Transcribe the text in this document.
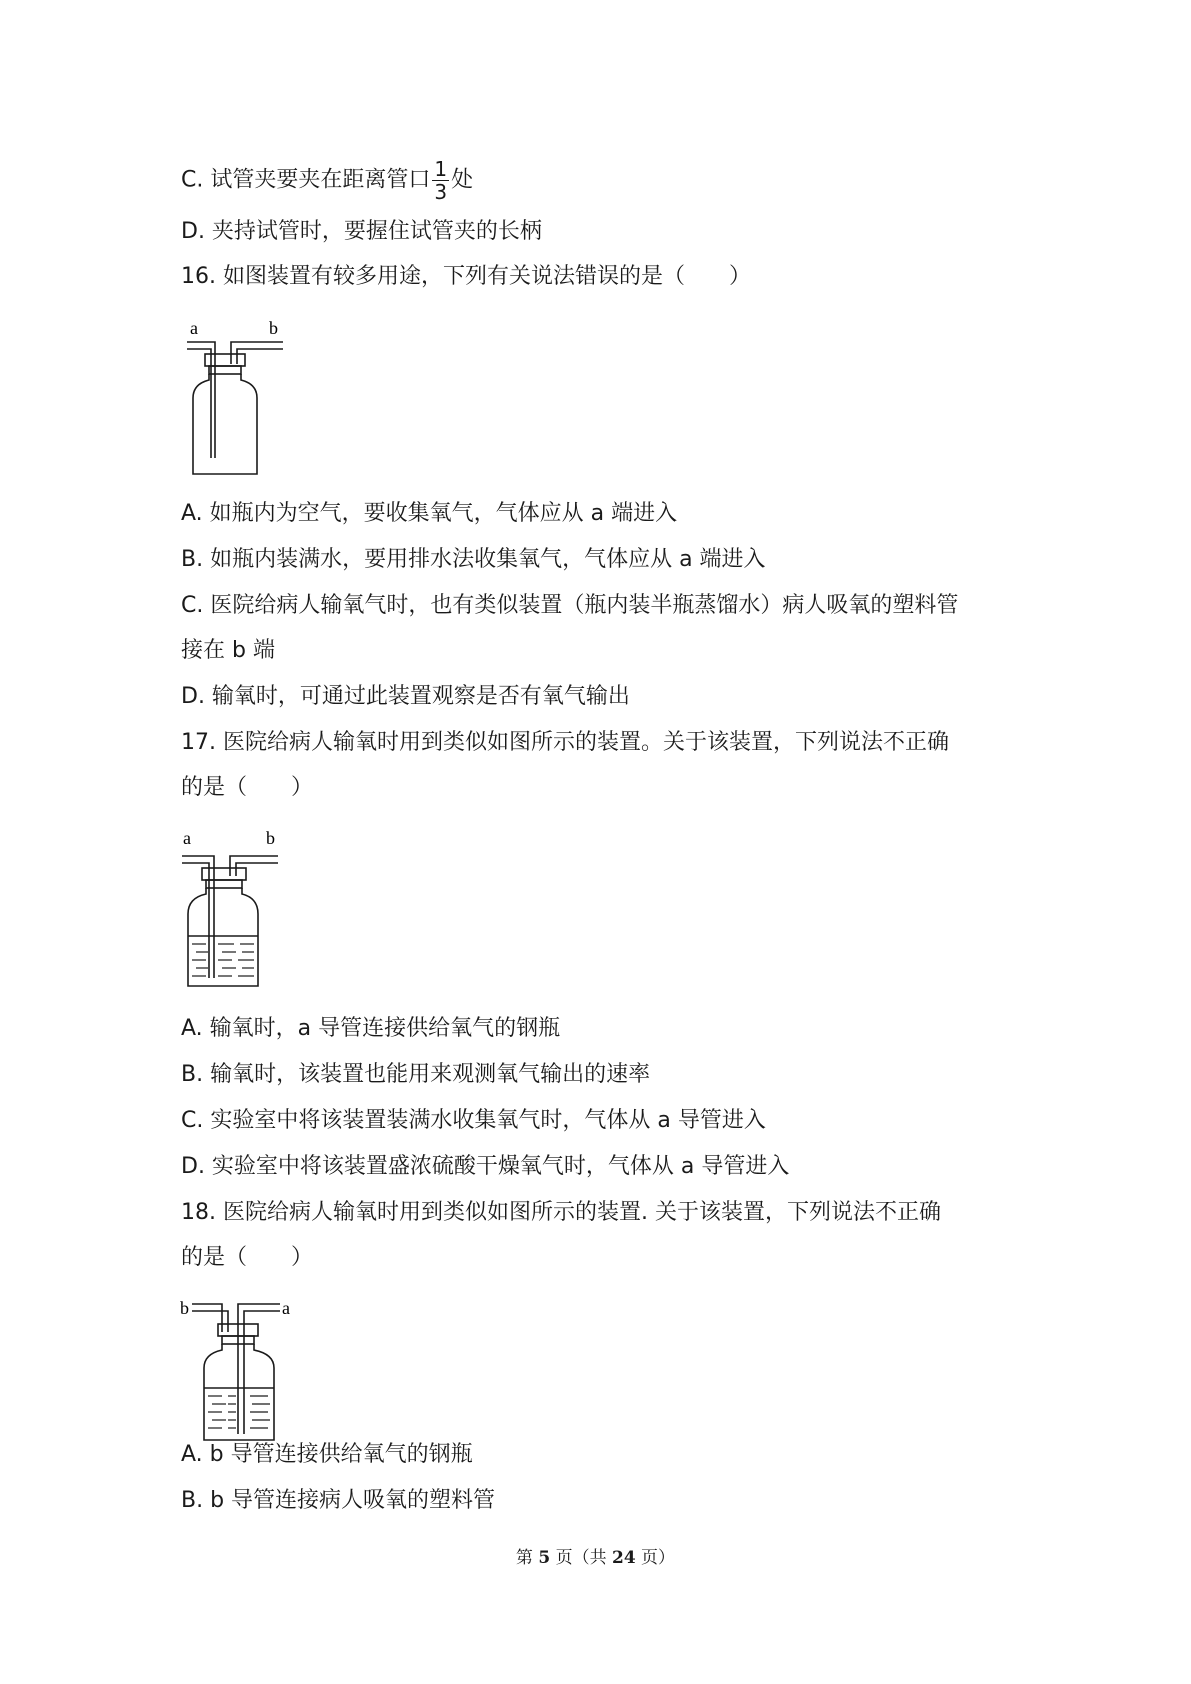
C. 试管夹要夹在距离管口 $\frac{1}{3}$ 处
D. 夹持试管时，要握住试管夹的长柄
16. 如图装置有较多用途，下列有关说法错误的是（　　）
a	b
A. 如瓶内为空气，要收集氧气，气体应从 a 端进入
B. 如瓶内装满水，要用排水法收集氧气，气体应从 a 端进入
C. 医院给病人输氧气时，也有类似装置（瓶内装半瓶蒸馏水）病人吸氧的塑料管
接在 b 端
D. 输氧时，可通过此装置观察是否有氧气输出
17. 医院给病人输氧时用到类似如图所示的装置。关于该装置，下列说法不正确
的是（　　）
a	b
A. 输氧时，a 导管连接供给氧气的钢瓶
B. 输氧时，该装置也能用来观测氧气输出的速率
C. 实验室中将该装置装满水收集氧气时，气体从 a 导管进入
D. 实验室中将该装置盛浓硫酸干燥氧气时，气体从 a 导管进入
18. 医院给病人输氧时用到类似如图所示的装置. 关于该装置，下列说法不正确
的是（　　）
b	a
A. b 导管连接供给氧气的钢瓶
B. b 导管连接病人吸氧的塑料管
第 5 页（共 24 页）
